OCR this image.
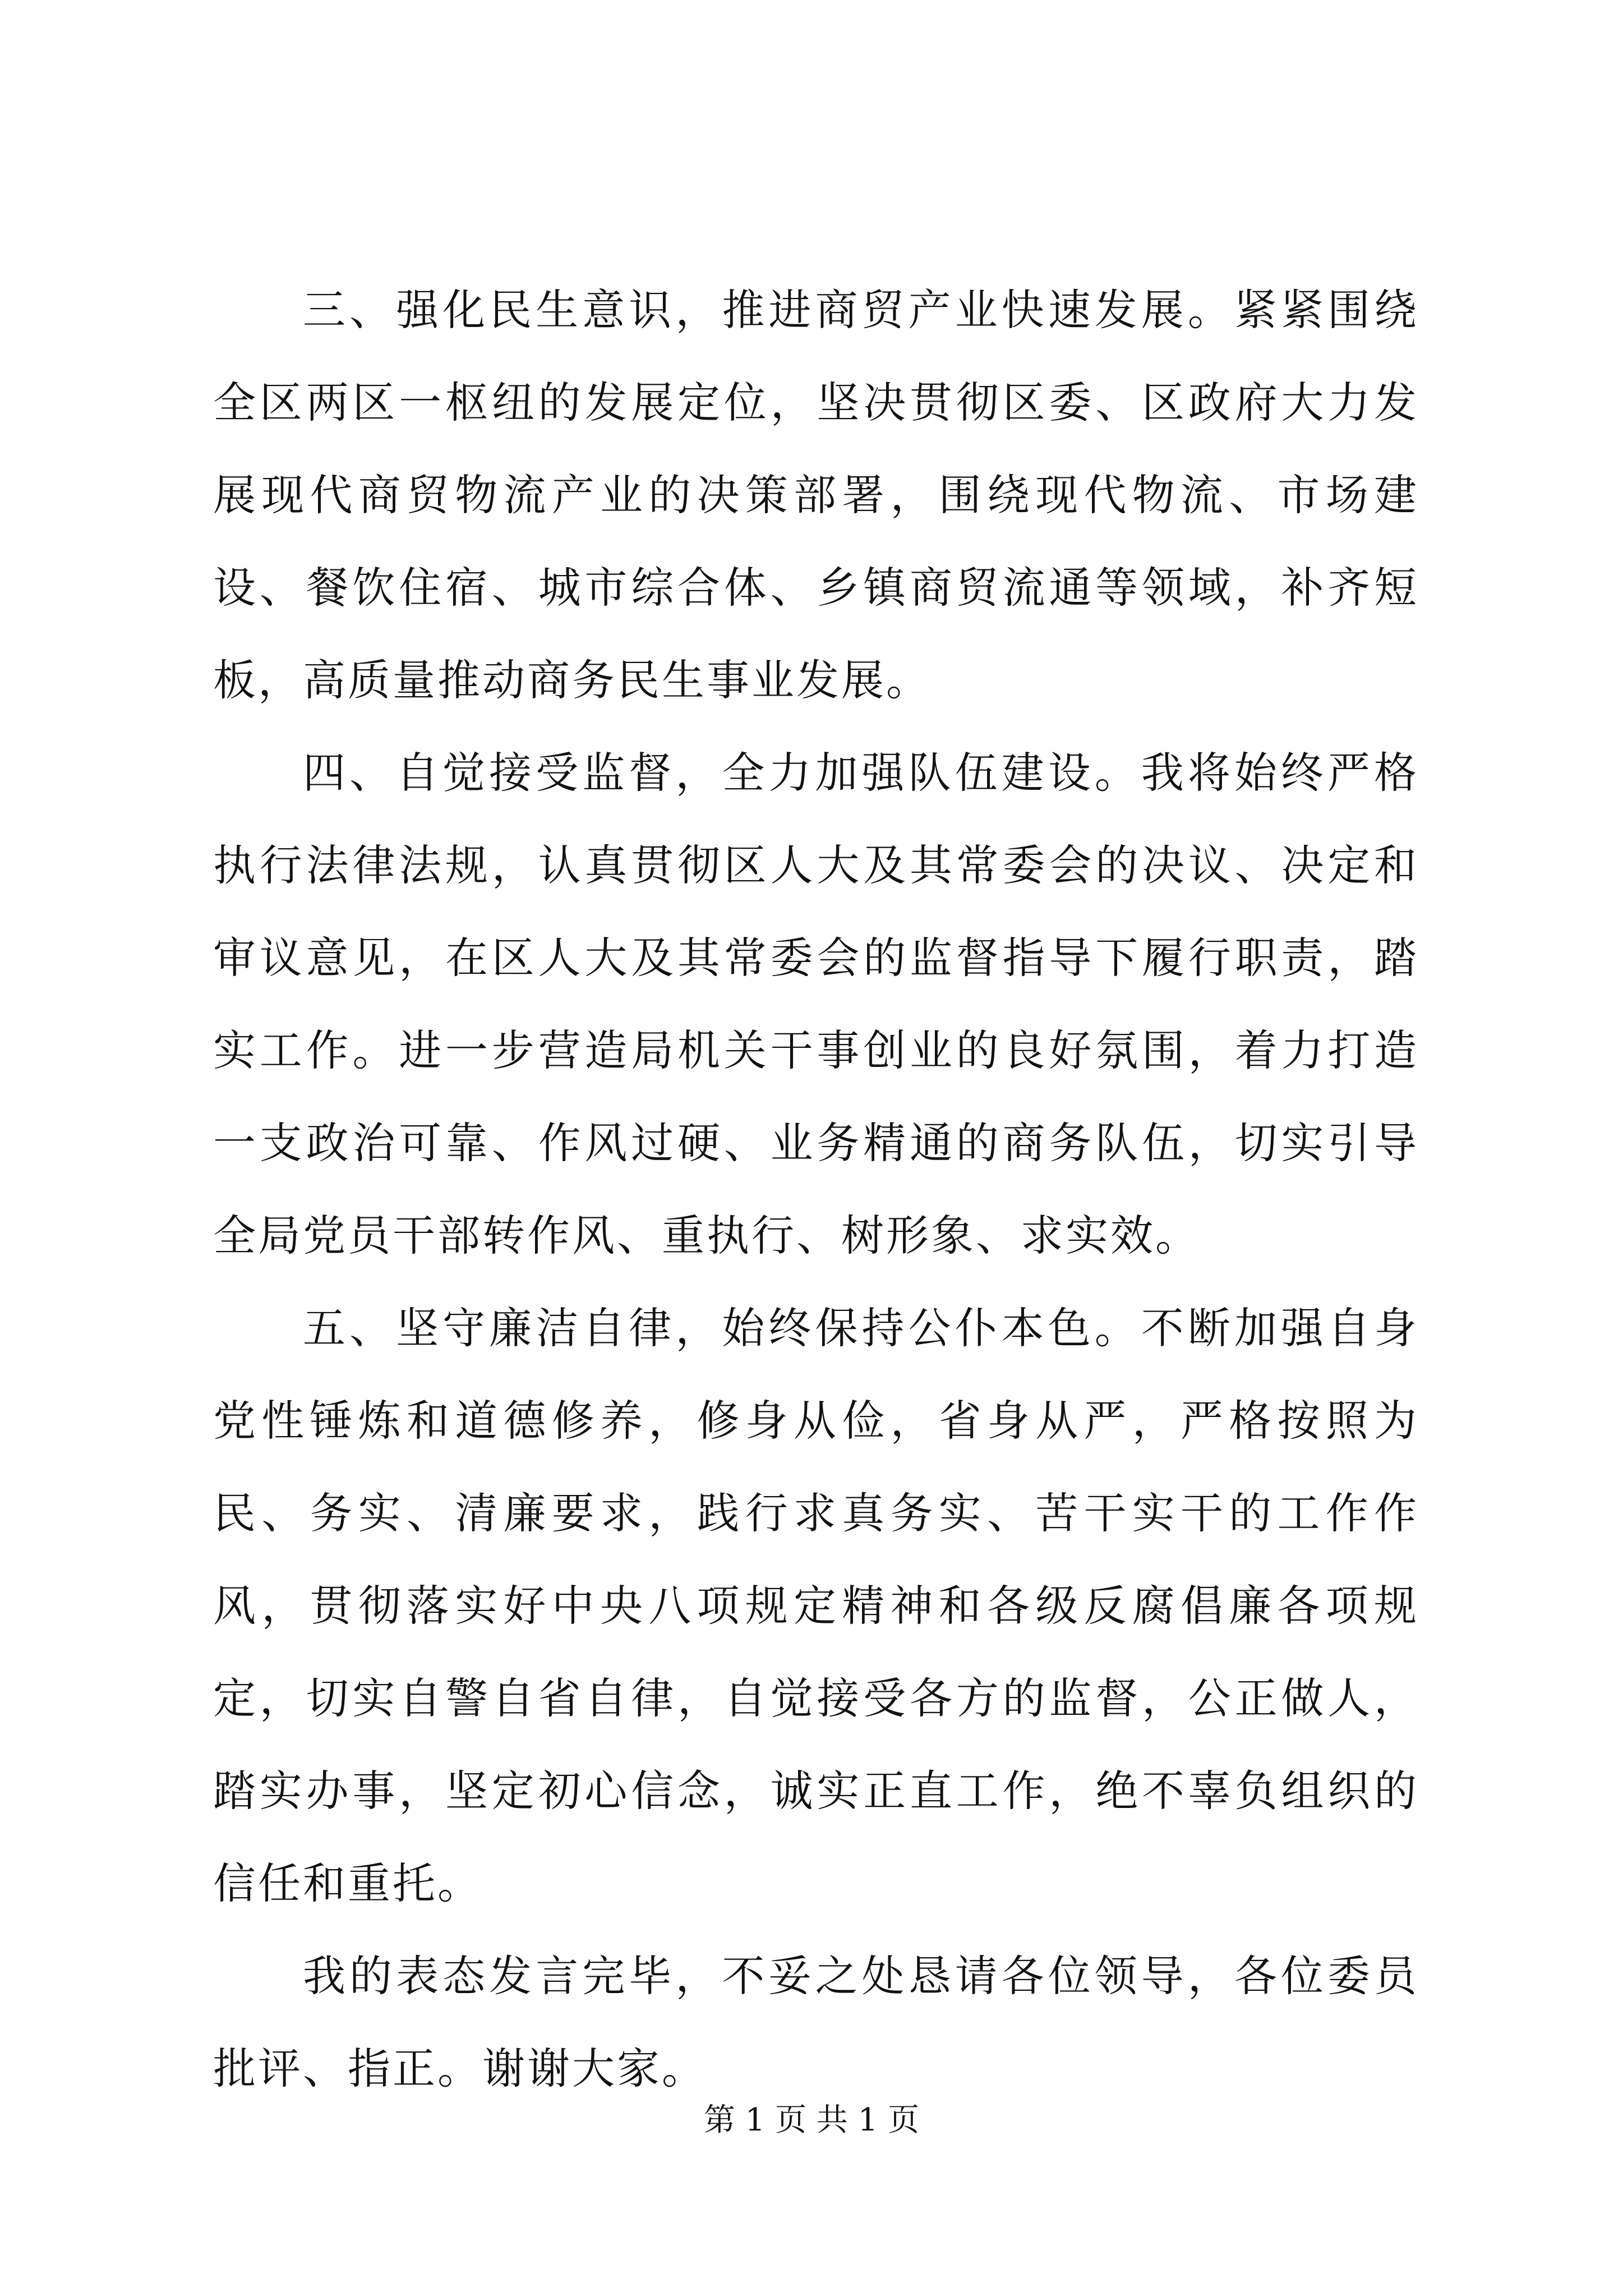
三、强化民生意识，推进商贸产业快速发展。紧紧围绕全区两区一枢纽的发展定位，坚决贯彻区委、区政府大力发展现代商贸物流产业的决策部署，围绕现代物流、市场建设、餐饮住宿、城市综合体、乡镇商贸流通等领域，补齐短板，高质量推动商务民生事业发展。

四、自觉接受监督，全力加强队伍建设。我将始终严格执行法律法规，认真贯彻区人大及其常委会的决议、决定和审议意见，在区人大及其常委会的监督指导下履行职责，踏实工作。进一步营造局机关干事创业的良好氛围，着力打造一支政治可靠、作风过硬、业务精通的商务队伍，切实引导全局党员干部转作风、重执行、树形象、求实效。

五、坚守廉洁自律，始终保持公仆本色。不断加强自身党性锤炼和道德修养，修身从俭，省身从严，严格按照为民、务实、清廉要求，践行求真务实、苦干实干的工作作风，贯彻落实好中央八项规定精神和各级反腐倡廉各项规定，切实自警自省自律，自觉接受各方的监督，公正做人，踏实办事，坚定初心信念，诚实正直工作，绝不辜负组织的信任和重托。

我的表态发言完毕，不妥之处恳请各位领导，各位委员批评、指正。谢谢大家。

第 1 页 共 1 页
